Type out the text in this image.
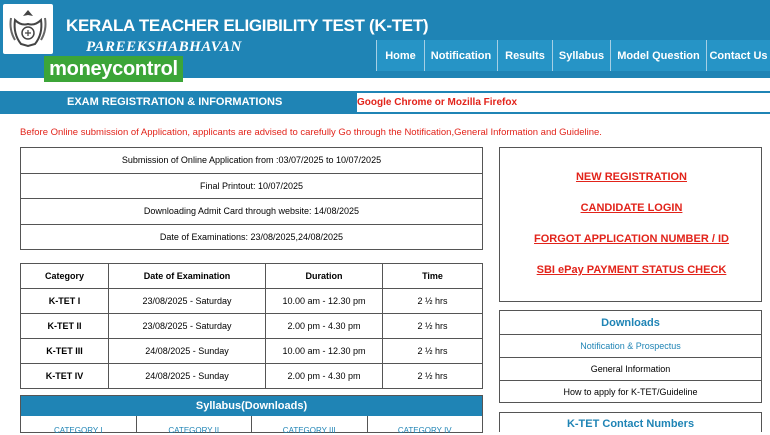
KERALA TEACHER ELIGIBILITY TEST (K-TET)
PAREEKSHABHAVAN
moneycontrol
Home	Notification	Results	Syllabus	Model Question Contact Us
EXAM REGISTRATION & INFORMATIONS	Google Chrome or Mozilla Firefox
Before Online submission of Application, applicants are advised to carefully Go through the Notification,General Information and Guideline.
Submission of Online Application from :03/07/2025 to 10/07/2025
Final Printout: 10/07/2025
Downloading Admit Card through website: 14/08/2025
Date of Examinations: 23/08/2025,24/08/2025
Category	Date of Examination	Duration	Time
K-TET I	23/08/2025 - Saturday	10.00 am - 12.30 pm	2 ½ hrs
K-TET II	23/08/2025 - Saturday	2.00 pm - 4.30 pm	2 ½ hrs
K-TET III	24/08/2025 - Sunday	10.00 am - 12.30 pm	2 ½ hrs
K-TET IV	24/08/2025 - Sunday	2.00 pm - 4.30 pm	2 ½ hrs
Syllabus(Downloads)
CATEGORY I	CATEGORY II	CATEGORY III	CATEGORY IV
NEW REGISTRATION
CANDIDATE LOGIN
FORGOT APPLICATION NUMBER / ID
SBI ePay PAYMENT STATUS CHECK
Downloads
Notification & Prospectus
General Information
How to apply for K-TET/Guideline
K-TET Contact Numbers
